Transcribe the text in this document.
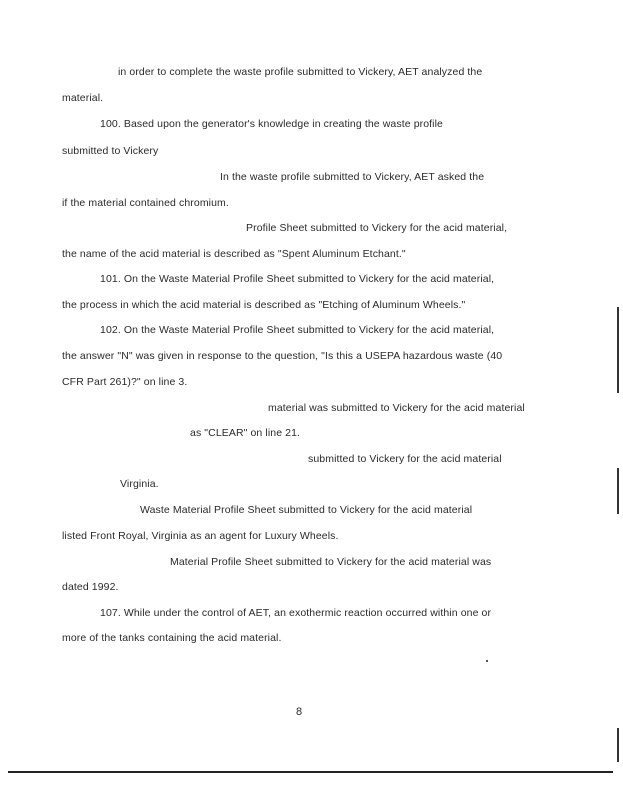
in order to complete the waste profile submitted to Vickery, AET analyzed the
material.
100. Based upon the generator's knowledge in creating the waste profile
submitted to Vickery
In the waste profile submitted to Vickery, AET asked the
if the material contained chromium.
Profile Sheet submitted to Vickery for the acid material,
the name of the acid material is described as "Spent Aluminum Etchant."
101. On the Waste Material Profile Sheet submitted to Vickery for the acid material,
the process in which the acid material is described as "Etching of Aluminum Wheels."
102. On the Waste Material Profile Sheet submitted to Vickery for the acid material,
the answer "N" was given in response to the question, "Is this a USEPA hazardous waste (40
CFR Part 261)?" on line 3.
material was submitted to Vickery for the acid material
as "CLEAR" on line 21.
submitted to Vickery for the acid material
Virginia.
Waste Material Profile Sheet submitted to Vickery for the acid material
listed Front Royal, Virginia as an agent for Luxury Wheels.
Material Profile Sheet submitted to Vickery for the acid material was
dated 1992.
107. While under the control of AET, an exothermic reaction occurred within one or
more of the tanks containing the acid material.
8
